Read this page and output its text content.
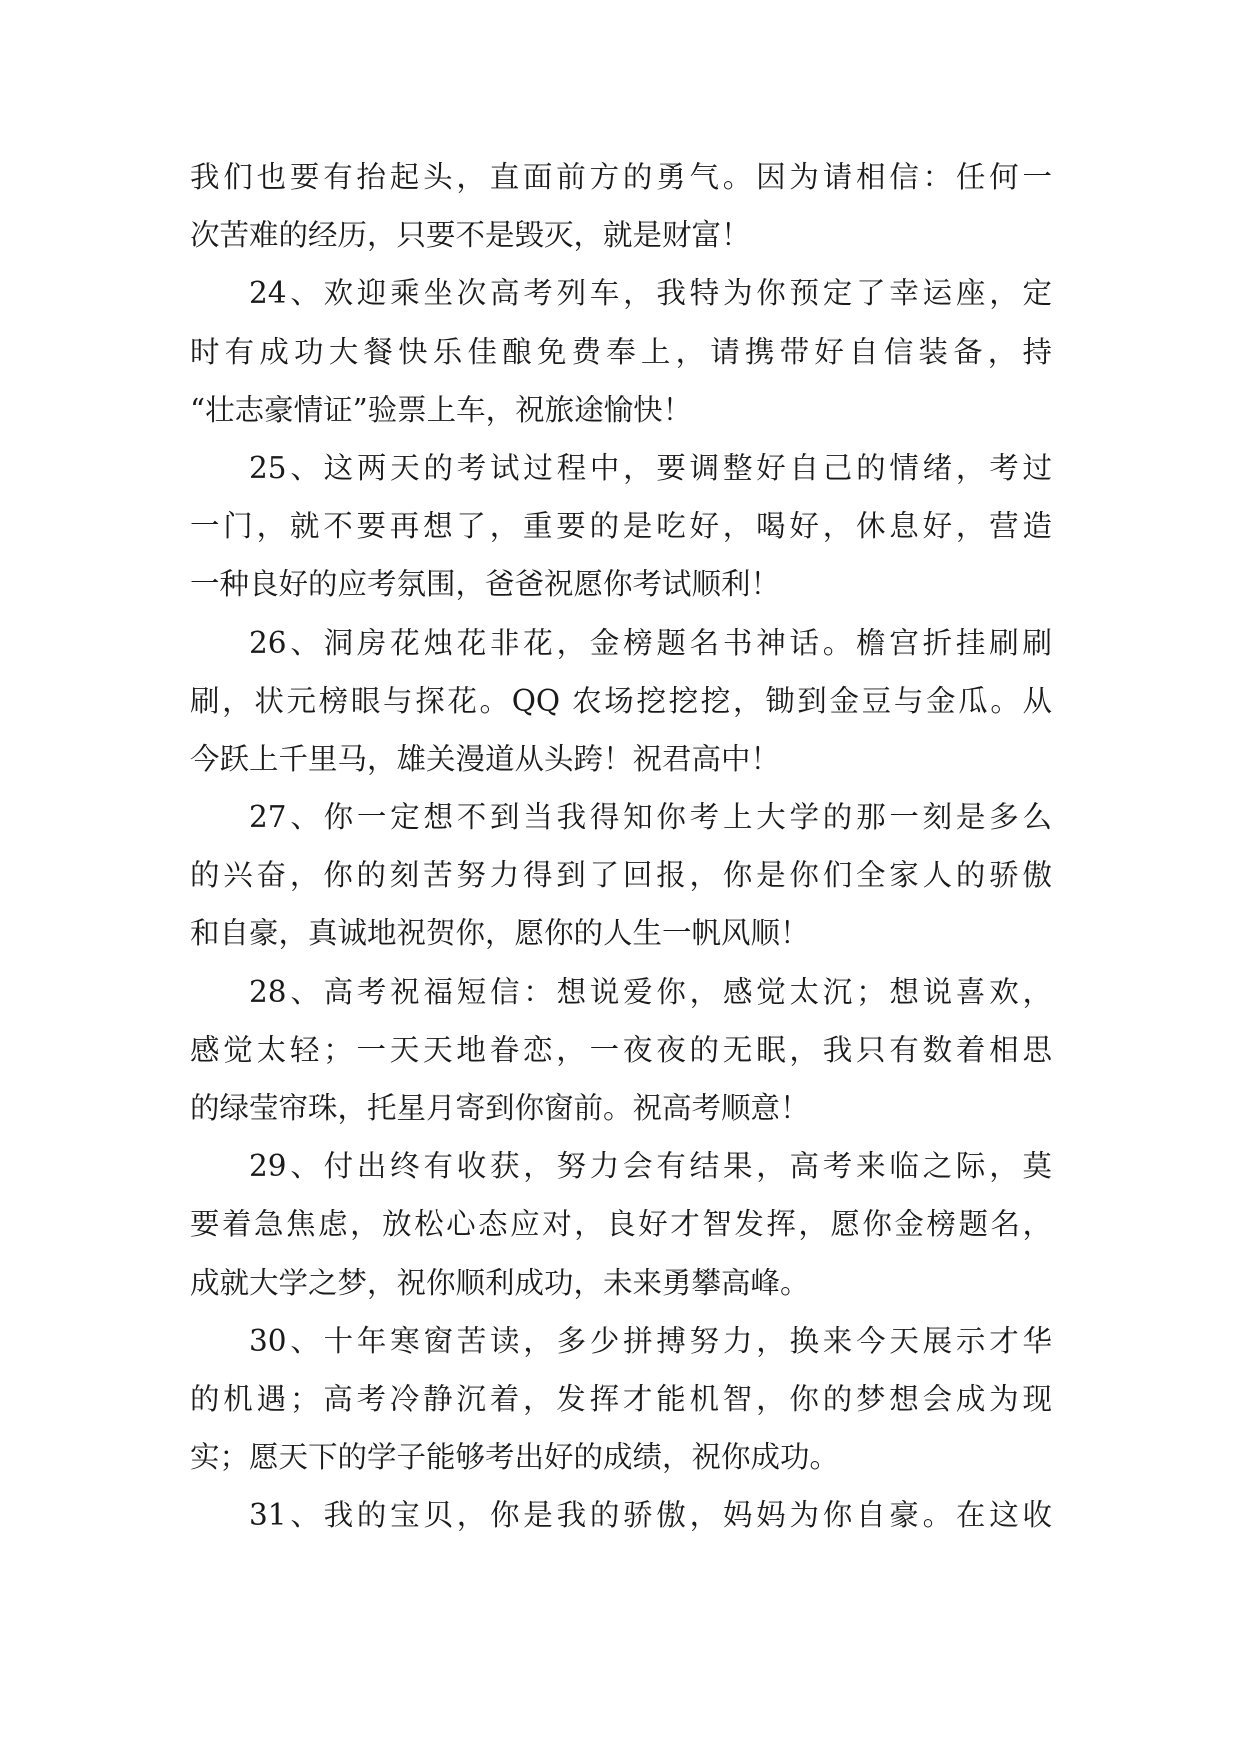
我们也要有抬起头，直面前方的勇气。因为请相信：任何一
次苦难的经历，只要不是毁灭，就是财富！
24、欢迎乘坐次高考列车，我特为你预定了幸运座，定
时有成功大餐快乐佳酿免费奉上，请携带好自信装备，持
“壮志豪情证”验票上车，祝旅途愉快！
25、这两天的考试过程中，要调整好自己的情绪，考过
一门，就不要再想了，重要的是吃好，喝好，休息好，营造
一种良好的应考氛围，爸爸祝愿你考试顺利！
26、洞房花烛花非花，金榜题名书神话。檐宫折挂刷刷
刷，状元榜眼与探花。QQ 农场挖挖挖，锄到金豆与金瓜。从
今跃上千里马，雄关漫道从头跨！祝君高中！
27、你一定想不到当我得知你考上大学的那一刻是多么
的兴奋，你的刻苦努力得到了回报，你是你们全家人的骄傲
和自豪，真诚地祝贺你，愿你的人生一帆风顺！
28、高考祝福短信：想说爱你，感觉太沉；想说喜欢，
感觉太轻；一天天地眷恋，一夜夜的无眠，我只有数着相思
的绿莹帘珠，托星月寄到你窗前。祝高考顺意！
29、付出终有收获，努力会有结果，高考来临之际，莫
要着急焦虑，放松心态应对，良好才智发挥，愿你金榜题名，
成就大学之梦，祝你顺利成功，未来勇攀高峰。
30、十年寒窗苦读，多少拼搏努力，换来今天展示才华
的机遇；高考冷静沉着，发挥才能机智，你的梦想会成为现
实；愿天下的学子能够考出好的成绩，祝你成功。
31、我的宝贝，你是我的骄傲，妈妈为你自豪。在这收
